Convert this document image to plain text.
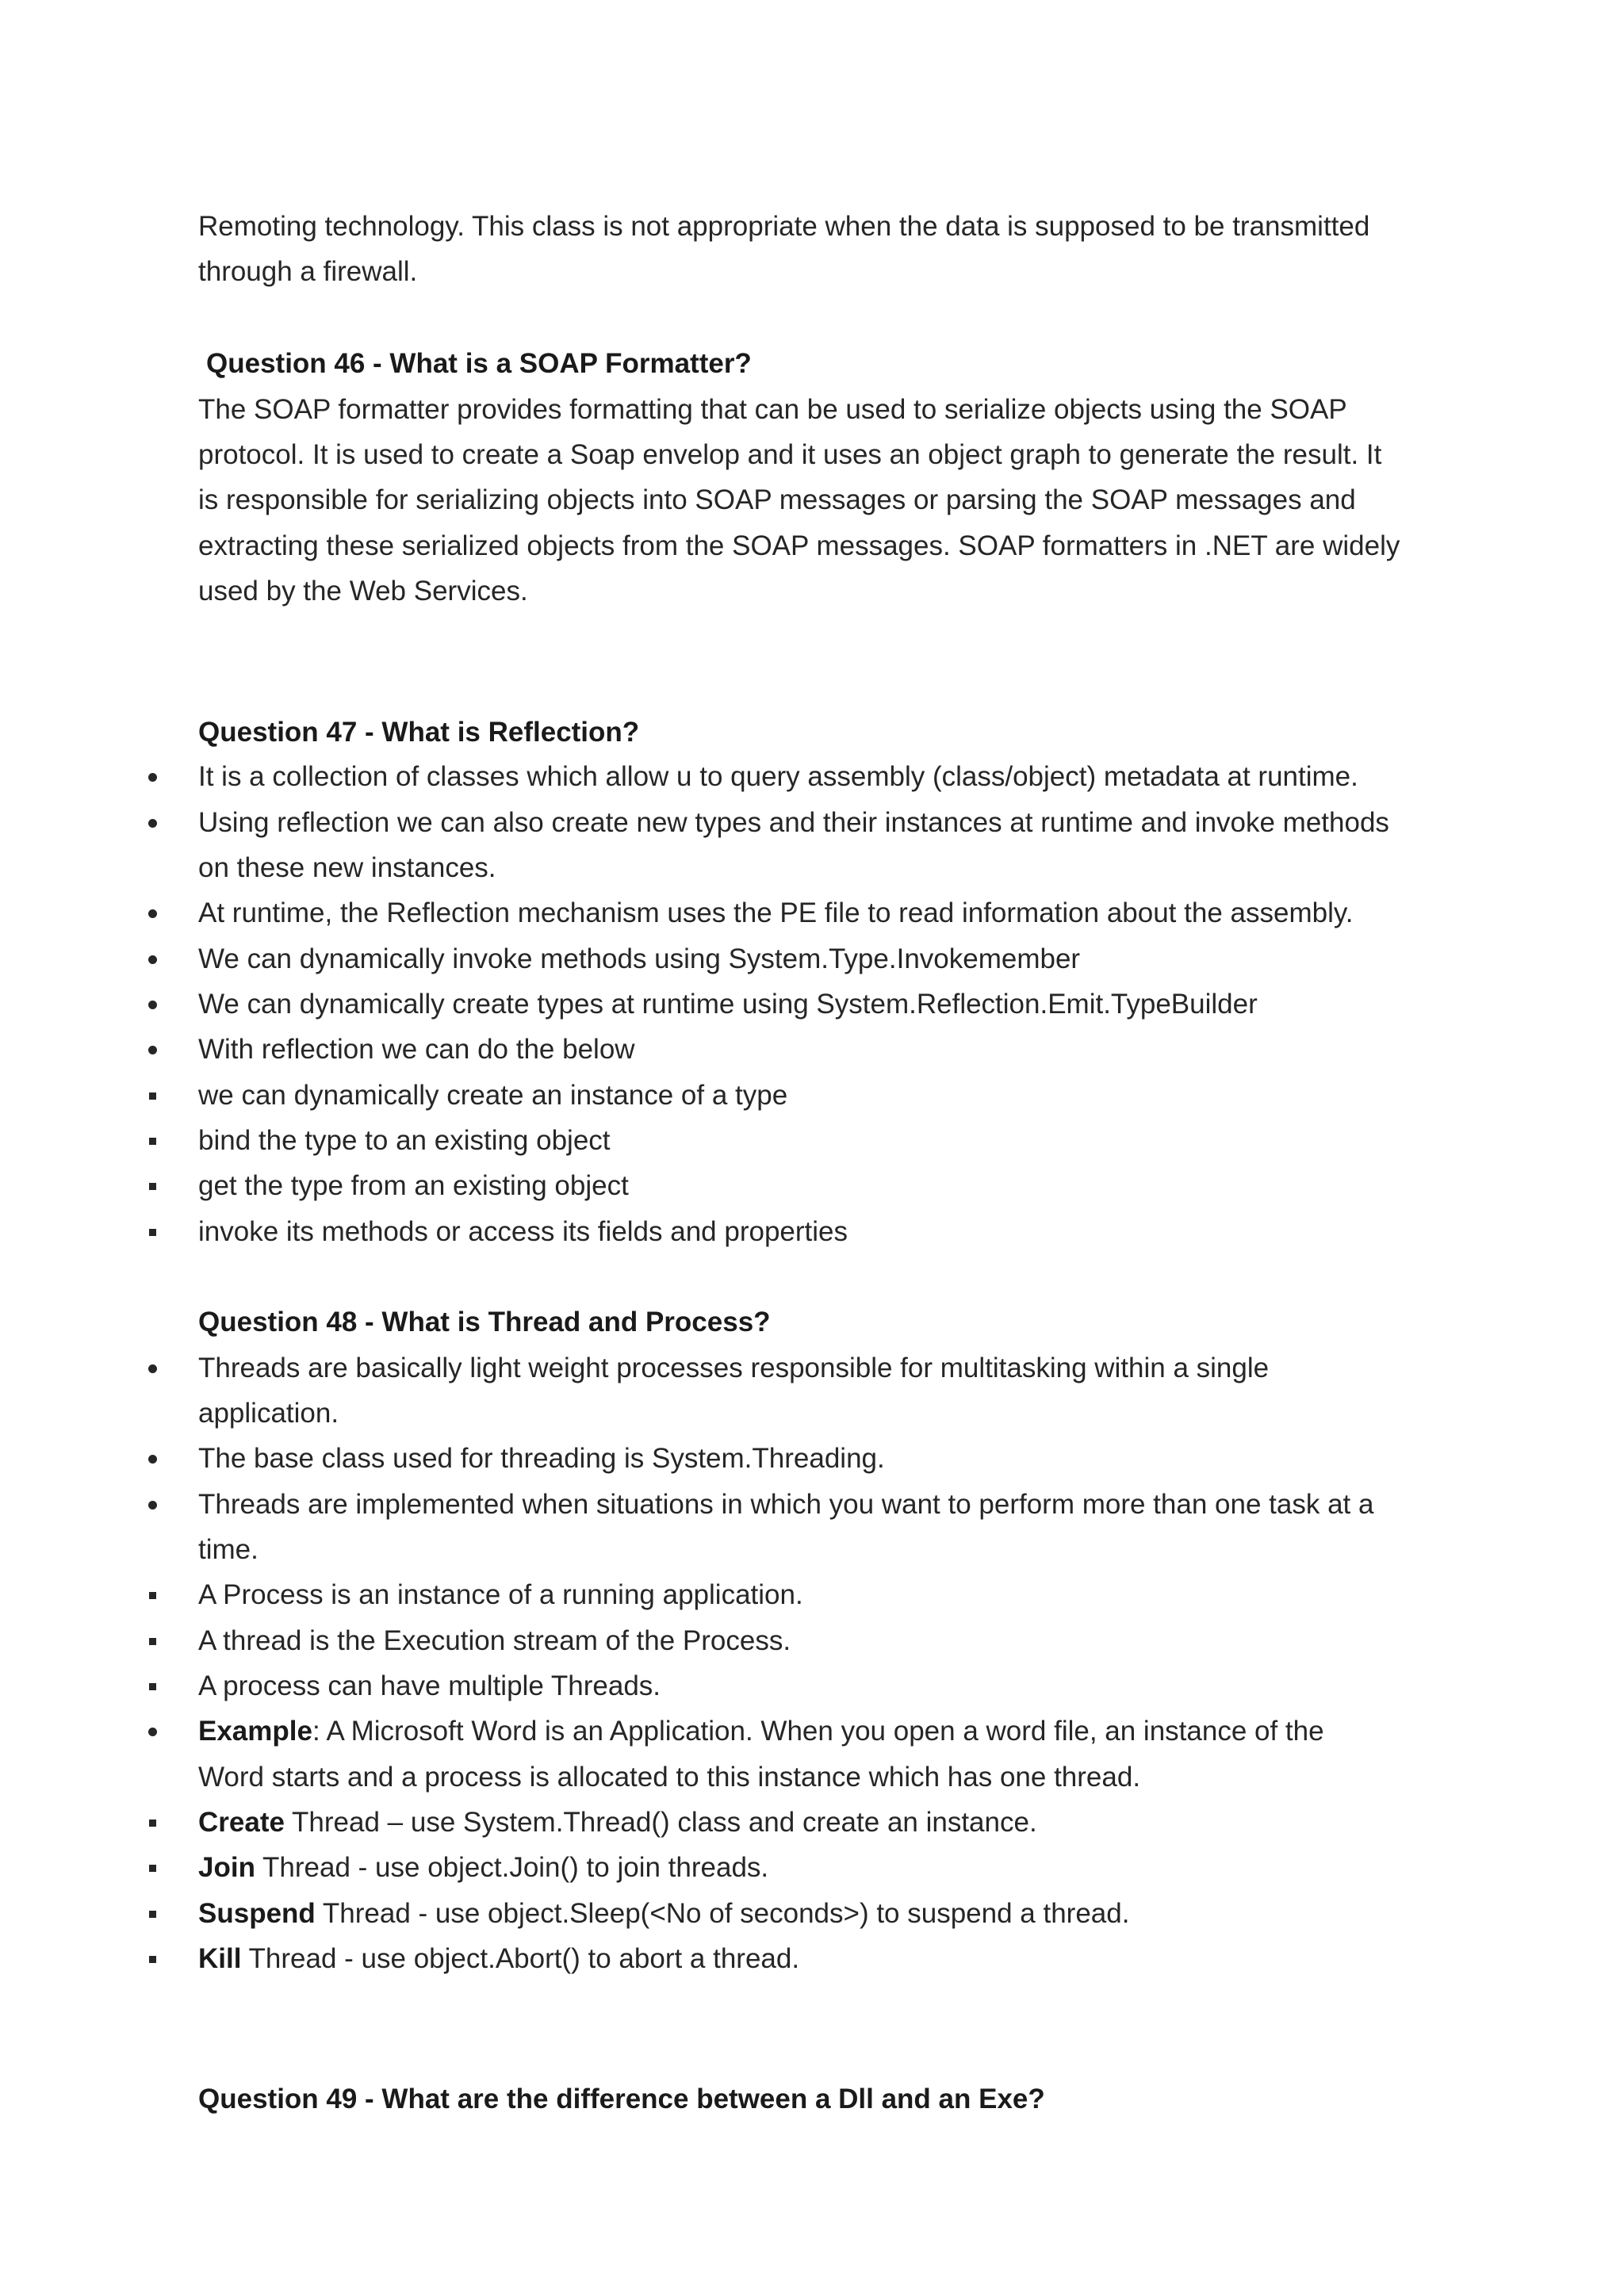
Remoting technology. This class is not appropriate when the data is supposed to be transmitted
through a firewall.
Question 46 - What is a SOAP Formatter?
The SOAP formatter provides formatting that can be used to serialize objects using the SOAP
protocol. It is used to create a Soap envelop and it uses an object graph to generate the result. It
is responsible for serializing objects into SOAP messages or parsing the SOAP messages and
extracting these serialized objects from the SOAP messages. SOAP formatters in .NET are widely
used by the Web Services.
Question 47 - What is Reflection?
It is a collection of classes which allow u to query assembly (class/object) metadata at runtime.
Using reflection we can also create new types and their instances at runtime and invoke methods
on these new instances.
At runtime, the Reflection mechanism uses the PE file to read information about the assembly.
We can dynamically invoke methods using System.Type.Invokemember
We can dynamically create types at runtime using System.Reflection.Emit.TypeBuilder
With reflection we can do the below
we can dynamically create an instance of a type
bind the type to an existing object
get the type from an existing object
invoke its methods or access its fields and properties
Question 48 - What is Thread and Process?
Threads are basically light weight processes responsible for multitasking within a single
application.
The base class used for threading is System.Threading.
Threads are implemented when situations in which you want to perform more than one task at a
time.
A Process is an instance of a running application.
A thread is the Execution stream of the Process.
A process can have multiple Threads.
Example: A Microsoft Word is an Application. When you open a word file, an instance of the
Word starts and a process is allocated to this instance which has one thread.
Create Thread – use System.Thread() class and create an instance.
Join Thread - use object.Join() to join threads.
Suspend Thread - use object.Sleep(<No of seconds>) to suspend a thread.
Kill Thread - use object.Abort() to abort a thread.
Question 49 - What are the difference between a Dll and an Exe?
